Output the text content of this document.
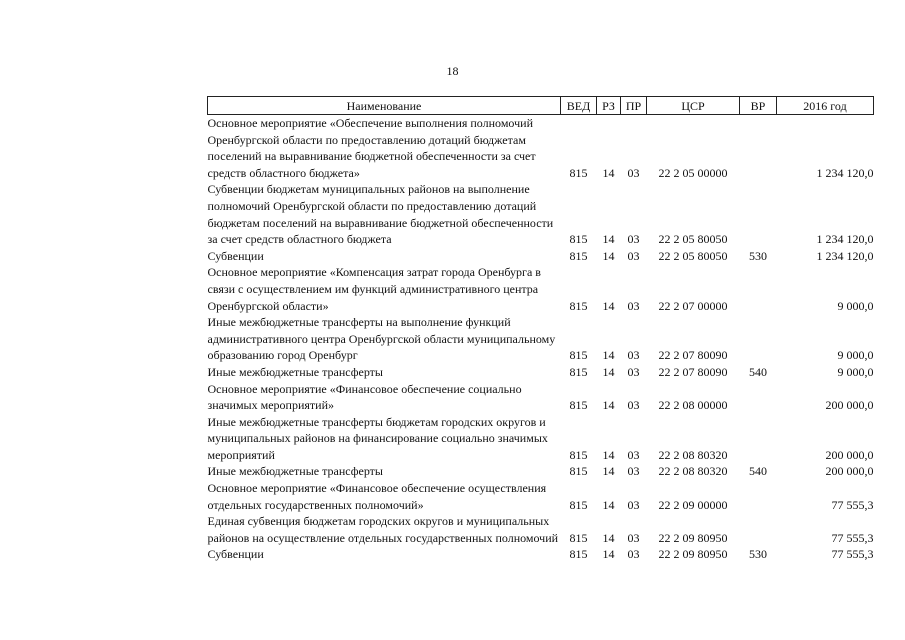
18
Наименование	ВЕД	РЗ	ПР	ЦСР	ВР	2016 год
Основное мероприятие «Обеспечение выполнения полномочий Оренбургской области по предоставлению дотаций бюджетам поселений на выравнивание бюджетной обеспеченности за счет средств областного бюджета»	815	14	03	22 2 05 00000		1 234 120,0
Субвенции бюджетам муниципальных районов на выполнение полномочий Оренбургской области по предоставлению дотаций бюджетам поселений на выравнивание бюджетной обеспеченности за счет средств областного бюджета	815	14	03	22 2 05 80050		1 234 120,0
Субвенции	815	14	03	22 2 05 80050	530	1 234 120,0
Основное мероприятие «Компенсация затрат города Оренбурга в связи с осуществлением им функций административного центра Оренбургской области»	815	14	03	22 2 07 00000		9 000,0
Иные межбюджетные трансферты на выполнение функций административного центра Оренбургской области муниципальному образованию город Оренбург	815	14	03	22 2 07 80090		9 000,0
Иные межбюджетные трансферты	815	14	03	22 2 07 80090	540	9 000,0
Основное мероприятие «Финансовое обеспечение социально значимых мероприятий»	815	14	03	22 2 08 00000		200 000,0
Иные межбюджетные трансферты бюджетам городских округов и муниципальных районов на финансирование социально значимых мероприятий	815	14	03	22 2 08 80320		200 000,0
Иные межбюджетные трансферты	815	14	03	22 2 08 80320	540	200 000,0
Основное мероприятие «Финансовое обеспечение осуществления отдельных государственных полномочий»	815	14	03	22 2 09 00000		77 555,3
Единая субвенция бюджетам городских округов и муниципальных районов на осуществление отдельных государственных полномочий	815	14	03	22 2 09 80950		77 555,3
Субвенции	815	14	03	22 2 09 80950	530	77 555,3
